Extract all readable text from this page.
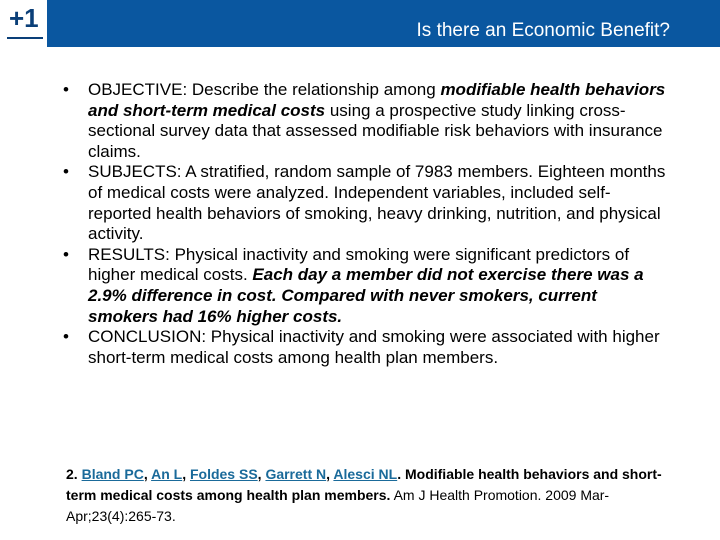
+1	Is there an Economic Benefit?
•	OBJECTIVE: Describe the relationship among modifiable health behaviors and short-term medical costs using a prospective study linking cross-sectional survey data that assessed modifiable risk behaviors with insurance claims.
•	SUBJECTS: A stratified, random sample of 7983 members. Eighteen months of medical costs were analyzed. Independent variables, included self-reported health behaviors of smoking, heavy drinking, nutrition, and physical activity.
•	RESULTS: Physical inactivity and smoking were significant predictors of higher medical costs. Each day a member did not exercise there was a 2.9% difference in cost. Compared with never smokers, current smokers had 16% higher costs.
•	CONCLUSION: Physical inactivity and smoking were associated with higher short-term medical costs among health plan members.
2. Bland PC, An L, Foldes SS, Garrett N, Alesci NL. Modifiable health behaviors and short-term medical costs among health plan members. Am J Health Promotion. 2009 Mar-Apr;23(4):265-73.
